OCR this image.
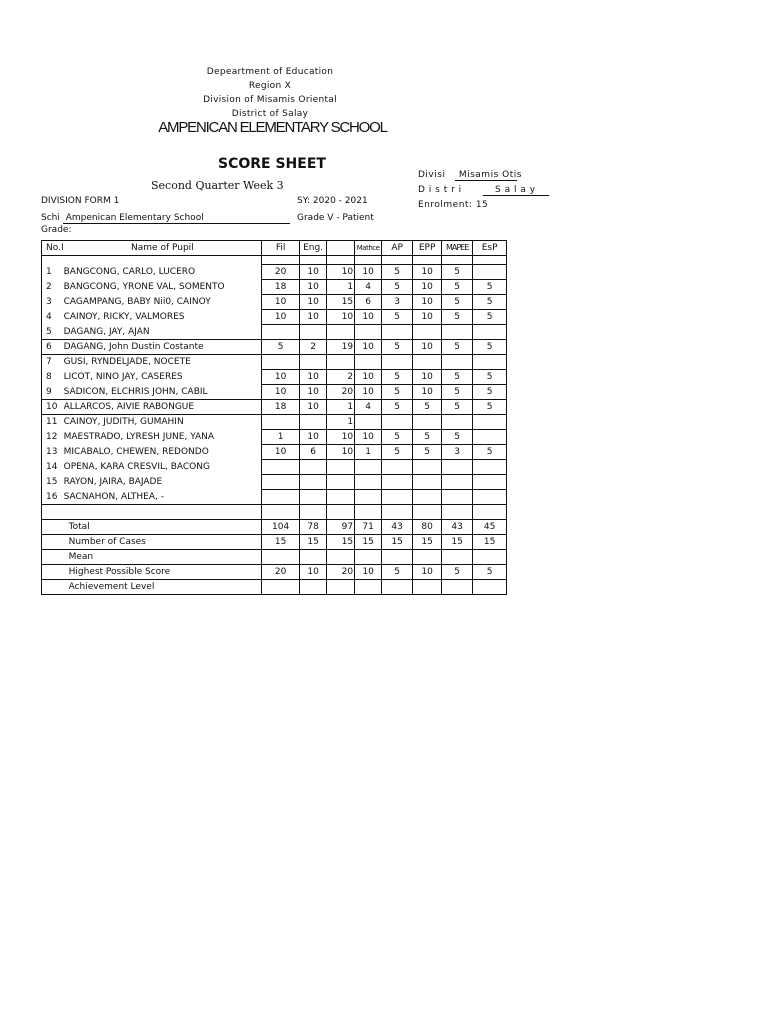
Depeartment of Education
Region X
Division of Misamis Oriental
District of Salay
AMPENICAN ELEMENTARY SCHOOL
SCORE SHEET
Second Quarter Week 3
Divisi Misamis Otis
D i s t r i	S a l a y
Enrolment: 15
DIVISION FORM 1	SY: 2020 - 2021
Schi Ampenican Elementary School	Grade V - Patient
Grade:
No.I	Name of Pupil	Fil	Eng.		Mathce	AP	EPP	MAPEE	EsP

1	BANGCONG, CARLO, LUCERO	20	10	10	10	5	10	5	
2	BANGCONG, YRONE VAL, SOMENTO	18	10	1	4	5	10	5	5
3	CAGAMPANG, BABY Nii0, CAINOY	10	10	15	6	3	10	5	5
4	CAINOY, RICKY, VALMORES	10	10	10	10	5	10	5	5
5	DAGANG, JAY, AJAN								
6	DAGANG, John Dustin Costante	5	2	19	10	5	10	5	5
7	GUSI, RYNDELJADE, NOCETE								
8	LICOT, NINO JAY, CASERES	10	10	2	10	5	10	5	5
9	SADICON, ELCHRIS JOHN, CABIL	10	10	20	10	5	10	5	5
10	ALLARCOS, AIVIE RABONGUE	18	10	1	4	5	5	5	5
11	CAINOY, JUDITH, GUMAHIN			1					
12	MAESTRADO, LYRESH JUNE, YANA	1	10	10	10	5	5	5	
13	MICABALO, CHEWEN, REDONDO	10	6	10	1	5	5	3	5
14	OPENA, KARA CRESVIL, BACONG								
15	RAYON, JAIRA, BAJADE								
16	SACNAHON, ALTHEA, -								

	Total	104	78	97	71	43	80	43	45
	Number of Cases	15	15	15	15	15	15	15	15
	Mean								
	Highest Possible Score	20	10	20	10	5	10	5	5
	Achievement Level								
